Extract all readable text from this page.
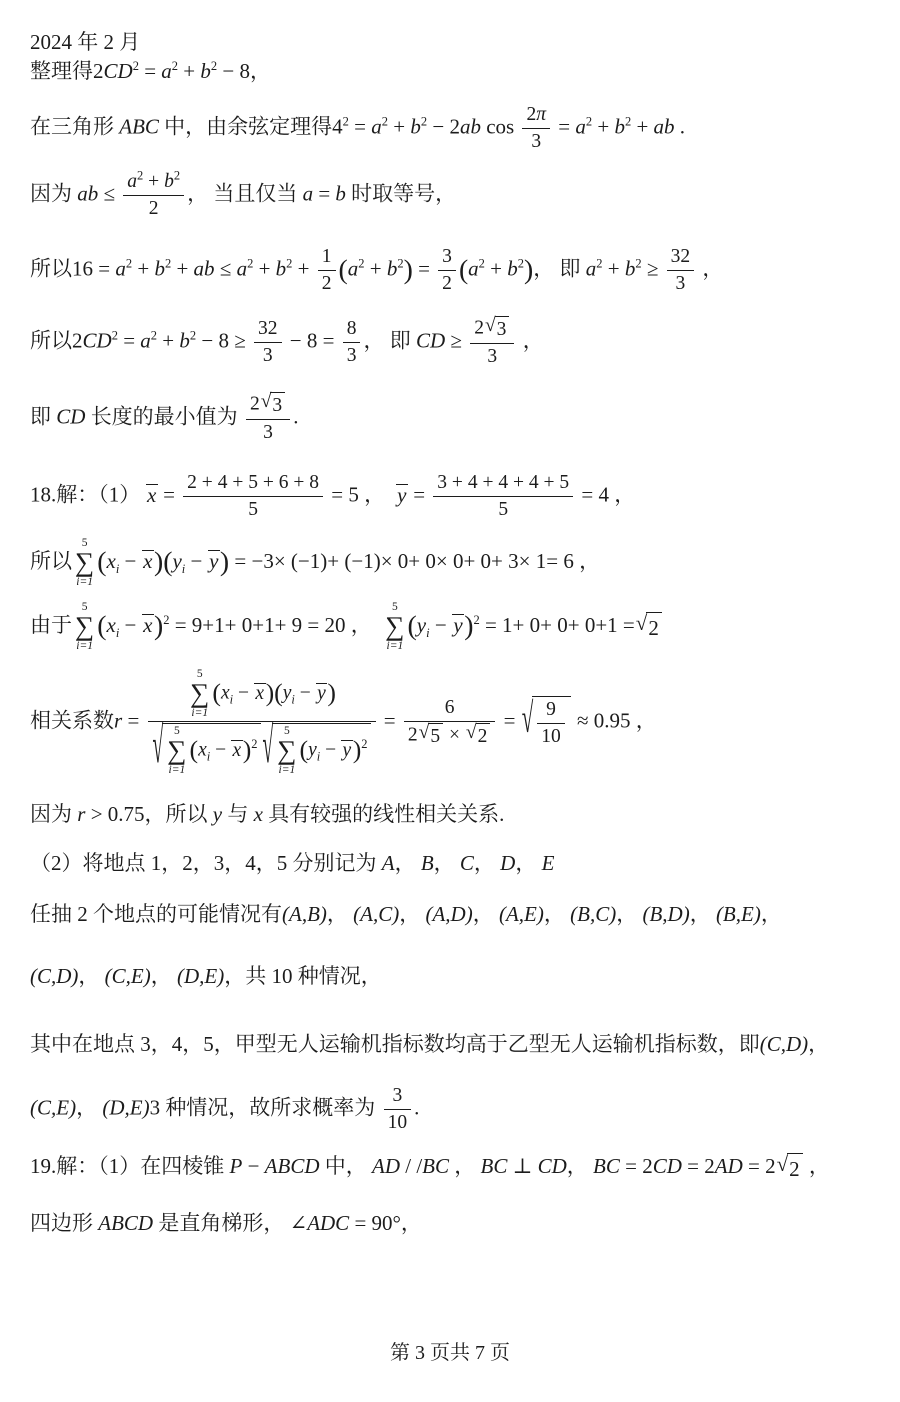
2024 年 2 月
整理得$2CD^2 = a^2 + b^2 - 8$，
在三角形 ABC 中，由余弦定理得$4^2 = a^2 + b^2 - 2ab$ $\cos \frac{2\pi}{3} = a^2 + b^2$ + ab .
因为 ab ≤ $\frac{a^2 + b^2}{2}$ ， 当且仅当 a = b 时取等号，
所以$16 = a^2 + b^2$ + ab ≤ $a^2 + b^2 + \frac{1}{2} (a^2 + b^2) = \frac{3}{2} (a^2 + b^2)$， 即 $a^2 + b^2 \ge \frac{32}{3}$ ，
所以$2CD^2 = a^2 + b^2 - 8 \ge \frac{32}{3} - 8 = \frac{8}{3}$ ， 即 CD ≥ $\frac{2 √ 3}{3}$ ，
即 CD 长度的最小值为 $\frac{2 √ 3}{3}$ .
18.解：（1） $x = \frac{2 + 4 + 5 + 6 + 8}{5} = 5$ ，  $y = \frac{3 + 4 + 4 + 4 + 5}{5} = 4$ ，
所以
5
∑
i=1
$(x_i - x)(y_i - y) = -3\times (-1)+ (-1)\times 0+ 0\times 0+ 0+ 3\times 1= 6$ ，
由于
5
∑
i=1
$(x_i - x)^2 = 9+1+ 0+1+ 9 = 20$ ，
5
∑
i=1
$(y_i - y)^2 = 1+ 0+ 0+ 0+1$ = √ 2
相关系数r = 5
∑
i=1
$(x_i - x)(y_i - y)$
√ 5
∑
i=1
$(x_i - x)^2$ √ 5
∑
i=1
$(y_i - y)^2 = \frac{6}{2 √ 5 \times √ 2}$ = √ $\frac{9}{10} \approx 0.95$ ，
因为 r > 0.75，所以 y 与 x 具有较强的线性相关关系.
（2）将地点 1，2，3，4，5 分别记为 A， B， C， D， E
任抽 2 个地点的可能情况有(A,B)， (A,C)， (A,D)， (A,E)， (B,C)， (B,D)， (B,E)，
(C,D)， (C,E)， (D,E)，共 10 种情况，
其中在地点 3，4，5，甲型无人运输机指标数均高于乙型无人运输机指标数，即(C,D)，
(C,E)， (D,E)3 种情况，故所求概率为 $\frac{3}{10}$ .
19.解：（1）在四棱锥 P − ABCD 中， AD / /BC ， BC ⊥ CD， BC = 2CD = 2AD = 2 √ 2 ，
四边形 ABCD 是直角梯形， ∠ADC = 90°，
第 3 页共 7 页
